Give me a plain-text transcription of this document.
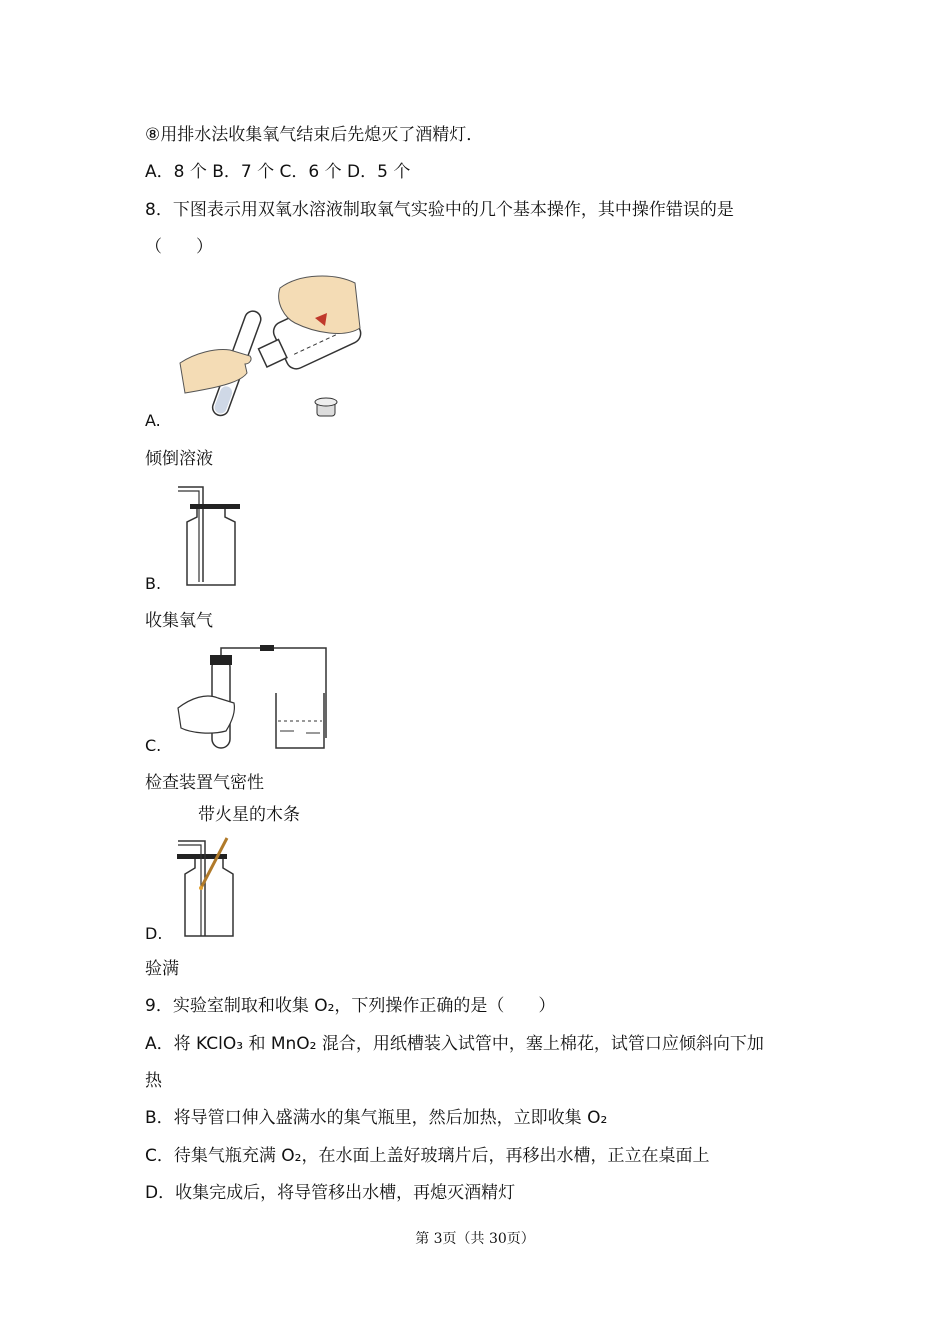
⑧用排水法收集氧气结束后先熄灭了酒精灯．
A．8 个 B．7 个 C．6 个 D．5 个
8．下图表示用双氧水溶液制取氧气实验中的几个基本操作，其中操作错误的是
（　　）
A.
倾倒溶液
B.
收集氧气
C.
检查装置气密性
带火星的木条
D.
验满
9．实验室制取和收集 O₂，下列操作正确的是（　　）
A．将 KClO₃ 和 MnO₂ 混合，用纸槽装入试管中，塞上棉花，试管口应倾斜向下加
热
B．将导管口伸入盛满水的集气瓶里，然后加热，立即收集 O₂
C．待集气瓶充满 O₂，在水面上盖好玻璃片后，再移出水槽，正立在桌面上
D．收集完成后，将导管移出水槽，再熄灭酒精灯
第 3页（共 30页）
